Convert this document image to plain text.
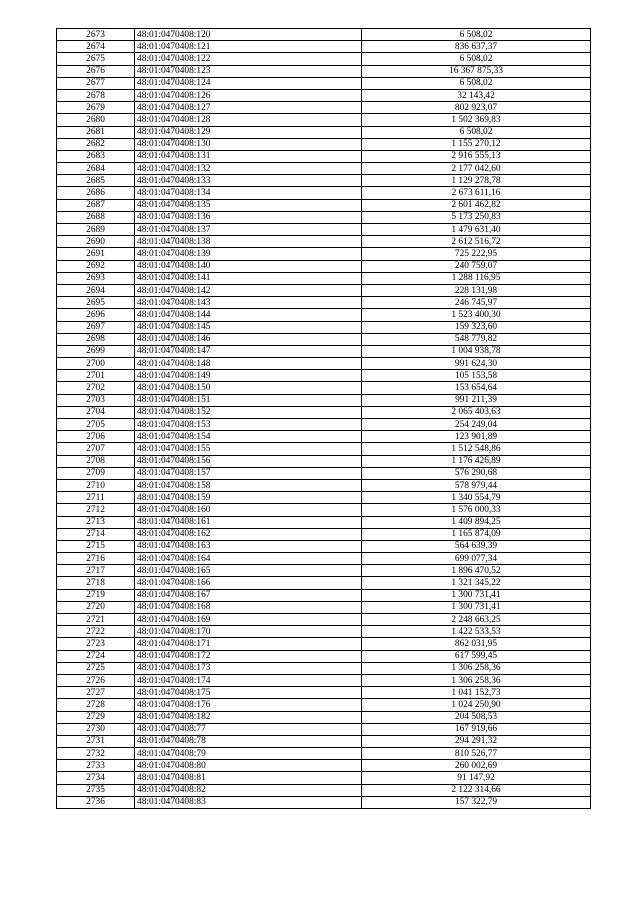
2673	48:01:0470408:120	6 508,02
2674	48:01:0470408:121	836 637,37
2675	48:01:0470408:122	6 508,02
2676	48:01:0470408:123	16 367 875,33
2677	48:01:0470408:124	6 508,02
2678	48:01:0470408:126	32 143,42
2679	48:01:0470408:127	802 923,07
2680	48:01:0470408:128	1 502 369,83
2681	48:01:0470408:129	6 508,02
2682	48:01:0470408:130	1 155 270,12
2683	48:01:0470408:131	2 916 555,13
2684	48:01:0470408:132	2 177 042,60
2685	48:01:0470408:133	1 129 278,78
2686	48:01:0470408:134	2 673 611,16
2687	48:01:0470408:135	2 601 462,82
2688	48:01:0470408:136	5 173 250,83
2689	48:01:0470408:137	1 479 631,40
2690	48:01:0470408:138	2 612 516,72
2691	48:01:0470408:139	725 222,95
2692	48:01:0470408:140	240 759,07
2693	48:01:0470408:141	1 288 116,95
2694	48:01:0470408:142	228 131,98
2695	48:01:0470408:143	246 745,97
2696	48:01:0470408:144	1 523 400,30
2697	48:01:0470408:145	159 323,60
2698	48:01:0470408:146	548 779,82
2699	48:01:0470408:147	1 004 938,78
2700	48:01:0470408:148	991 624,30
2701	48:01:0470408:149	105 153,58
2702	48:01:0470408:150	153 654,64
2703	48:01:0470408:151	991 211,39
2704	48:01:0470408:152	2 065 403,63
2705	48:01:0470408:153	254 249,04
2706	48:01:0470408:154	123 901,89
2707	48:01:0470408:155	1 512 548,86
2708	48:01:0470408:156	1 176 426,89
2709	48:01:0470408:157	576 290,68
2710	48:01:0470408:158	578 979,44
2711	48:01:0470408:159	1 340 554,79
2712	48:01:0470408:160	1 576 000,33
2713	48:01:0470408:161	1 409 894,25
2714	48:01:0470408:162	1 165 874,09
2715	48:01:0470408:163	564 639,39
2716	48:01:0470408:164	699 077,34
2717	48:01:0470408:165	1 896 470,52
2718	48:01:0470408:166	1 321 345,22
2719	48:01:0470408:167	1 300 731,41
2720	48:01:0470408:168	1 300 731,41
2721	48:01:0470408:169	2 248 663,25
2722	48:01:0470408:170	1 422 533,53
2723	48:01:0470408:171	862 031,95
2724	48:01:0470408:172	617 599,45
2725	48:01:0470408:173	1 306 258,36
2726	48:01:0470408:174	1 306 258,36
2727	48:01:0470408:175	1 041 152,73
2728	48:01:0470408:176	1 024 250,90
2729	48:01:0470408:182	204 508,53
2730	48:01:0470408:77	167 919,66
2731	48:01:0470408:78	294 291,32
2732	48:01:0470408:79	810 526,77
2733	48:01:0470408:80	260 002,69
2734	48:01:0470408:81	91 147,92
2735	48:01:0470408:82	2 122 314,66
2736	48:01:0470408:83	157 322,79
